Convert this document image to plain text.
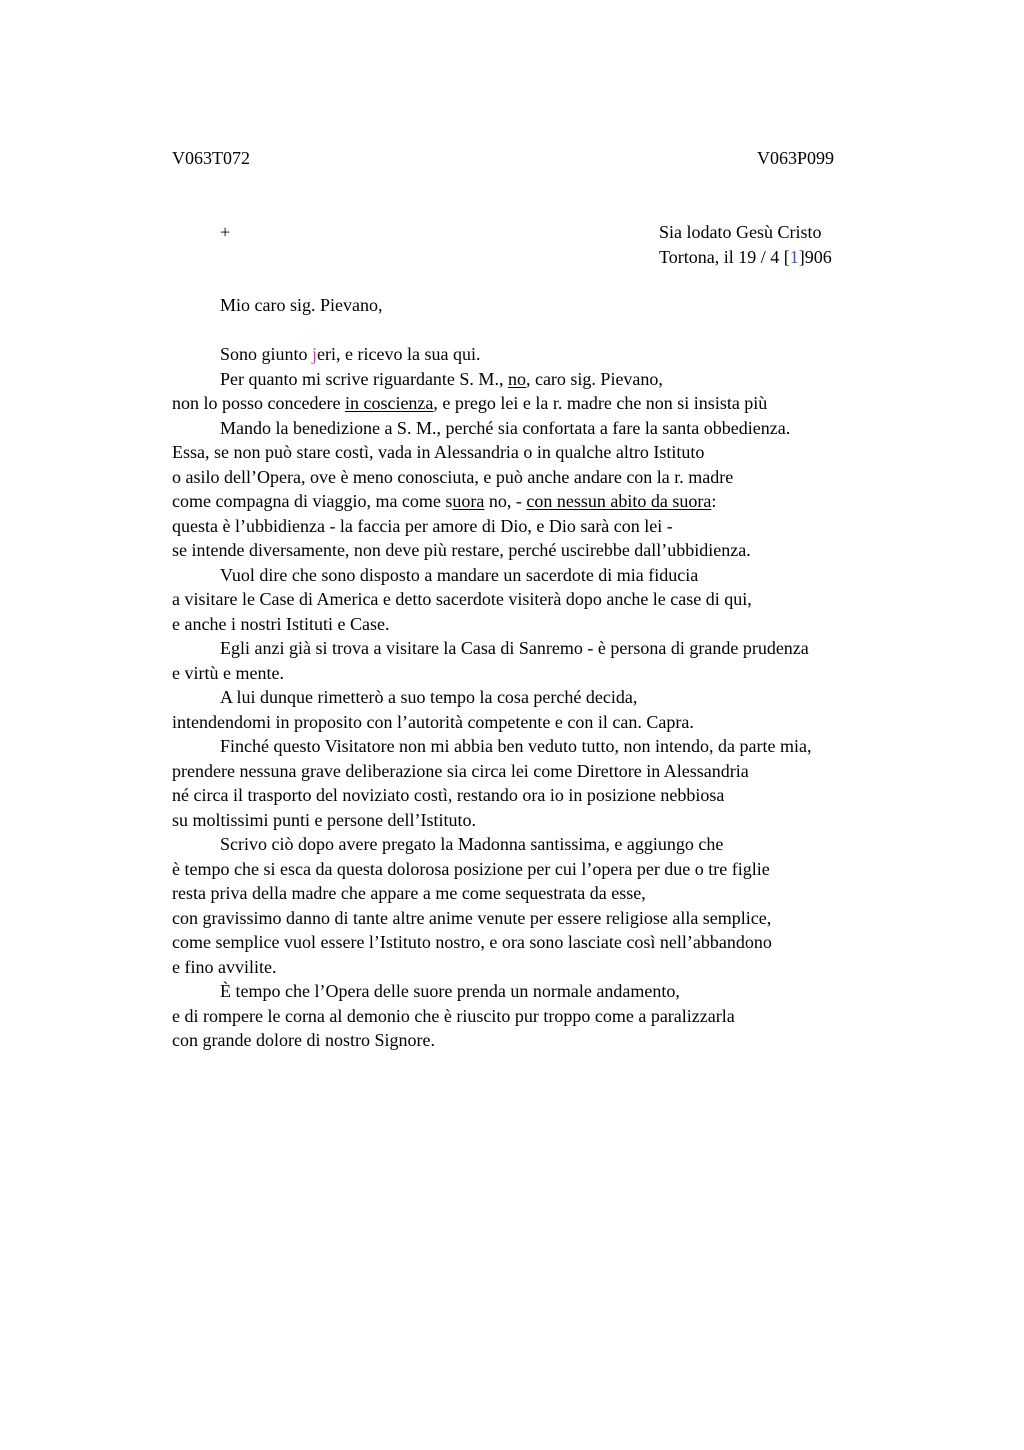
V063T072	V063P099
+	Sia lodato Gesù Cristo
Tortona, il 19 / 4 [1]906
Mio caro sig. Pievano,
Sono giunto jeri, e ricevo la sua qui.
Per quanto mi scrive riguardante S. M., no, caro sig. Pievano,
non lo posso concedere in coscienza, e prego lei e la r. madre che non si insista più
Mando la benedizione a S. M., perché sia confortata a fare la santa obbedienza.
Essa, se non può stare costì, vada in Alessandria o in qualche altro Istituto
o asilo dell’Opera, ove è meno conosciuta, e può anche andare con la r. madre
come compagna di viaggio, ma come suora no, - con nessun abito da suora:
questa è l’ubbidienza - la faccia per amore di Dio, e Dio sarà con lei -
se intende diversamente, non deve più restare, perché uscirebbe dall’ubbidienza.
Vuol dire che sono disposto a mandare un sacerdote di mia fiducia
a visitare le Case di America e detto sacerdote visiterà dopo anche le case di qui,
e anche i nostri Istituti e Case.
Egli anzi già si trova a visitare la Casa di Sanremo - è persona di grande prudenza
e virtù e mente.
A lui dunque rimetterò a suo tempo la cosa perché decida,
intendendomi in proposito con l’autorità competente e con il can. Capra.
Finché questo Visitatore non mi abbia ben veduto tutto, non intendo, da parte mia,
prendere nessuna grave deliberazione sia circa lei come Direttore in Alessandria
né circa il trasporto del noviziato costì, restando ora io in posizione nebbiosa
su moltissimi punti e persone dell’Istituto.
Scrivo ciò dopo avere pregato la Madonna santissima, e aggiungo che
è tempo che si esca da questa dolorosa posizione per cui l’opera per due o tre figlie
resta priva della madre che appare a me come sequestrata da esse,
con gravissimo danno di tante altre anime venute per essere religiose alla semplice,
come semplice vuol essere l’Istituto nostro, e ora sono lasciate così nell’abbandono
e fino avvilite.
È tempo che l’Opera delle suore prenda un normale andamento,
e di rompere le corna al demonio che è riuscito pur troppo come a paralizzarla
con grande dolore di nostro Signore.
